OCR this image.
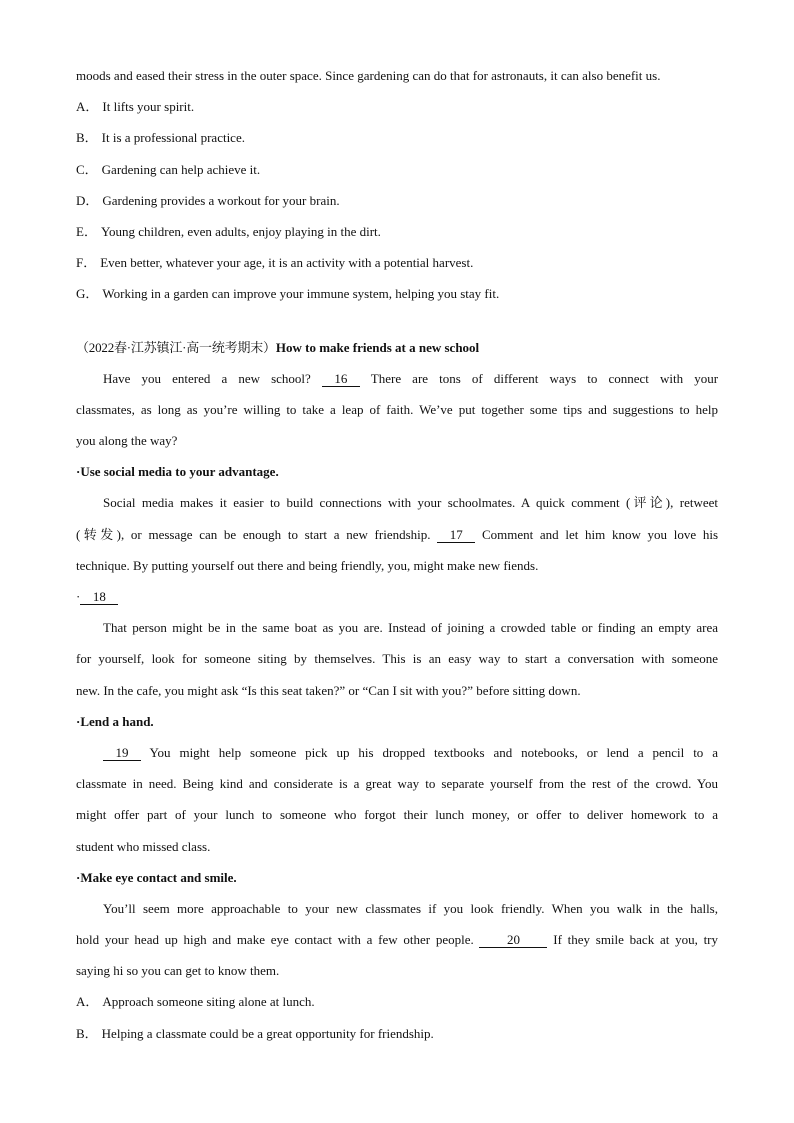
moods and eased their stress in the outer space. Since gardening can do that for astronauts, it can also benefit us.
A． It lifts your spirit.
B． It is a professional practice.
C． Gardening can help achieve it.
D． Gardening provides a workout for your brain.
E． Young children, even adults, enjoy playing in the dirt.
F． Even better, whatever your age, it is an activity with a potential harvest.
G． Working in a garden can improve your immune system, helping you stay fit.
（2022春·江苏镇江·高一统考期末）How to make friends at a new school
Have you entered a new school? 16 There are tons of different ways to connect with your
classmates, as long as you’re willing to take a leap of faith. We’ve put together some tips and suggestions to help
you along the way?
·Use social media to your advantage.
Social media makes it easier to build connections with your schoolmates. A quick comment (评论), retweet
(转发), or message can be enough to start a new friendship. 17 Comment and let him know you love his
technique. By putting yourself out there and being friendly, you, might make new fiends.
· 18
That person might be in the same boat as you are. Instead of joining a crowded table or finding an empty area
for yourself, look for someone siting by themselves. This is an easy way to start a conversation with someone
new. In the cafe, you might ask “Is this seat taken?” or “Can I sit with you?” before sitting down.
·Lend a hand.
19 You might help someone pick up his dropped textbooks and notebooks, or lend a pencil to a
classmate in need. Being kind and considerate is a great way to separate yourself from the rest of the crowd. You
might offer part of your lunch to someone who forgot their lunch money, or offer to deliver homework to a
student who missed class.
·Make eye contact and smile.
You’ll seem more approachable to your new classmates if you look friendly. When you walk in the halls,
hold your head up high and make eye contact with a few other people.	20	If they smile back at you, try
saying hi so you can get to know them.
A． Approach someone siting alone at lunch.
B． Helping a classmate could be a great opportunity for friendship.
